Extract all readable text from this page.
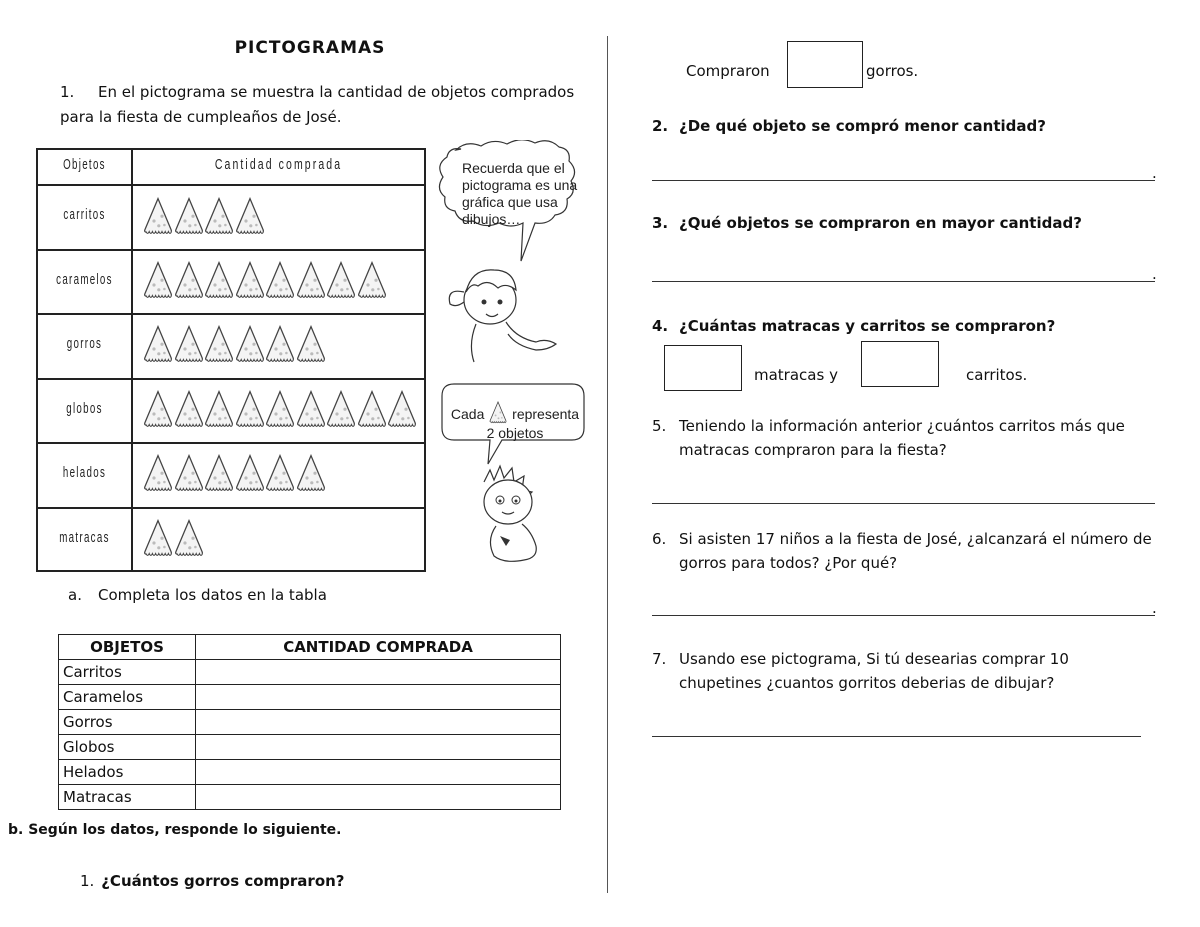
PICTOGRAMAS
1. En el pictograma se muestra la cantidad de objetos comprados para la fiesta de cumpleaños de José.
Objetos	Cantidad comprada
carritos
caramelos
gorros
globos
helados
matracas
Recuerda que el pictograma es una gráfica que usa dibujos…
Cada representa
2 objetos
a. Completa los datos en la tabla
OBJETOS	CANTIDAD COMPRADA
Carritos	
Caramelos	
Gorros	
Globos	
Helados	
Matracas	
b. Según los datos, responde lo siguiente.
1. ¿Cuántos gorros compraron?
Compraron	gorros.
2. ¿De qué objeto se compró menor cantidad?
.
3. ¿Qué objetos se compraron en mayor cantidad?
.
4. ¿Cuántas matracas y carritos se compraron?
matracas y	carritos.
5. Teniendo la información anterior ¿cuántos carritos más que matracas compraron para la fiesta?
6. Si asisten 17 niños a la fiesta de José, ¿alcanzará el número de gorros para todos? ¿Por qué?
.
7. Usando ese pictograma, Si tú desearias comprar 10 chupetines ¿cuantos gorritos deberias de dibujar?
